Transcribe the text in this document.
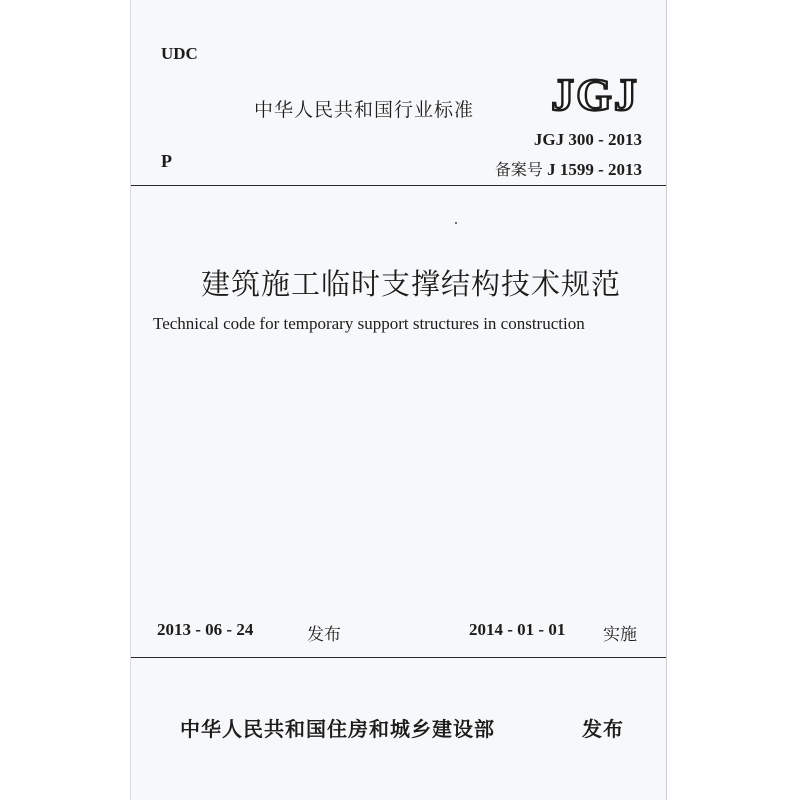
UDC
中华人民共和国行业标准 JGJ
JGJ 300 - 2013
P	备案号 J 1599 - 2013
建筑施工临时支撑结构技术规范
Technical code for temporary support structures in construction
2013 - 06 - 24	发布	2014 - 01 - 01 实施
中华人民共和国住房和城乡建设部	发布
